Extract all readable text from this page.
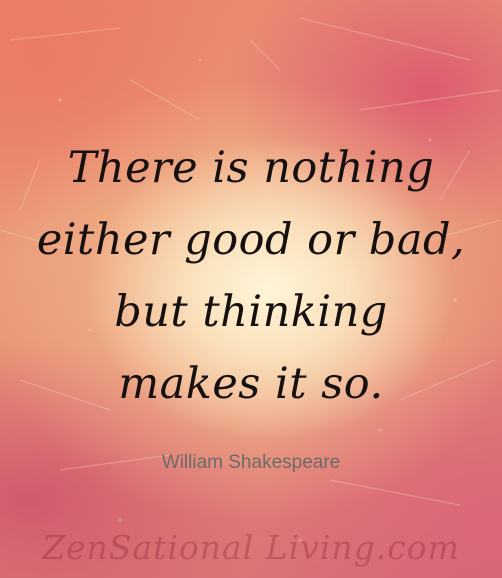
There is nothing
either good or bad,
but thinking
makes it so.
William Shakespeare
ZenSational Living.com
